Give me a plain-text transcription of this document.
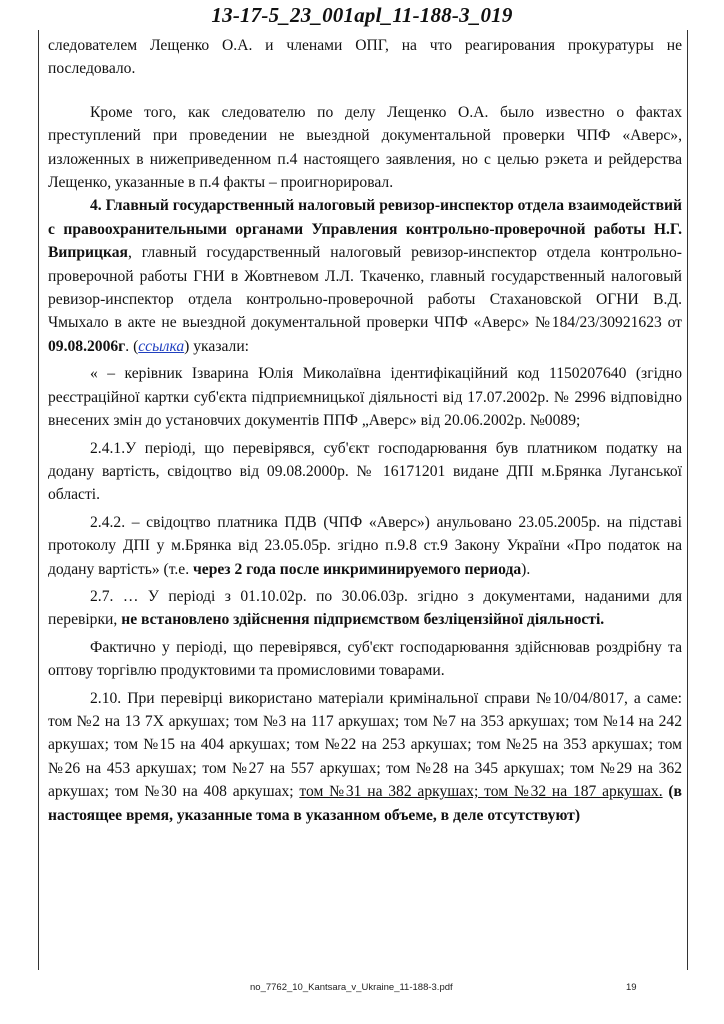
13-17-5_23_001apl_11-188-3_019

следователем Лещенко О.А. и членами ОПГ, на что реагирования прокуратуры не последовало.

Кроме того, как следователю по делу Лещенко О.А. было известно о фактах преступлений при проведении не выездной документальной проверки ЧПФ «Аверс», изложенных в нижеприведенном п.4 настоящего заявления, но с целью рэкета и рейдерства Лещенко, указанные в п.4 факты – проигнорировал.

4. Главный государственный налоговый ревизор-инспектор отдела взаимодействий с правоохранительными органами Управления контрольно-проверочной работы Н.Г. Виприцкая, главный государственный налоговый ревизор-инспектор отдела контрольно-проверочной работы ГНИ в Жовтневом Л.Л. Ткаченко, главный государственный налоговый ревизор-инспектор отдела контрольно-проверочной работы Стахановской ОГНИ В.Д. Чмыхало в акте не выездной документальной проверки ЧПФ «Аверс» №184/23/30921623 от 09.08.2006г. (ссылка) указали:

« – керівник Ізварина Юлія Миколаївна ідентифікаційний код 1150207640 (згідно реєстраційної картки суб'єкта підприємницької діяльності від 17.07.2002р. № 2996 відповідно внесених змін до установчих документів ППФ „Аверс» від 20.06.2002р. №0089;

2.4.1.У періоді, що перевірявся, суб'єкт господарювання був платником податку на додану вартість, свідоцтво від 09.08.2000р. № 16171201 видане ДПІ м.Брянка Луганської області.

2.4.2. – свідоцтво платника ПДВ (ЧПФ «Аверс») анульовано 23.05.2005р. на підставі протоколу ДПІ у м.Брянка від 23.05.05р. згідно п.9.8 ст.9 Закону України «Про податок на додану вартість» (т.е. через 2 года после инкриминируемого периода).

2.7. … У періоді з 01.10.02р. по 30.06.03р. згідно з документами, наданими для перевірки, не встановлено здійснення підприємством безліцензійної діяльності.

Фактично у періоді, що перевірявся, суб'єкт господарювання здійснював роздрібну та оптову торгівлю продуктовими та промисловими товарами.

2.10. При перевірці використано матеріали кримінальної справи №10/04/8017, а саме: том №2 на 13 7Х аркушах; том №3 на 117 аркушах; том №7 на 353 аркушах; том №14 на 242 аркушах; том №15 на 404 аркушах; том №22 на 253 аркушах; том №25 на 353 аркушах; том №26 на 453 аркушах; том №27 на 557 аркушах; том №28 на 345 аркушах; том №29 на 362 аркушах; том №30 на 408 аркушах; том №31 на 382 аркушах; том №32 на 187 аркушах. (в настоящее время, указанные тома в указанном объеме, в деле отсутствуют)

no_7762_10_Kantsara_v_Ukraine_11-188-3.pdf	19
